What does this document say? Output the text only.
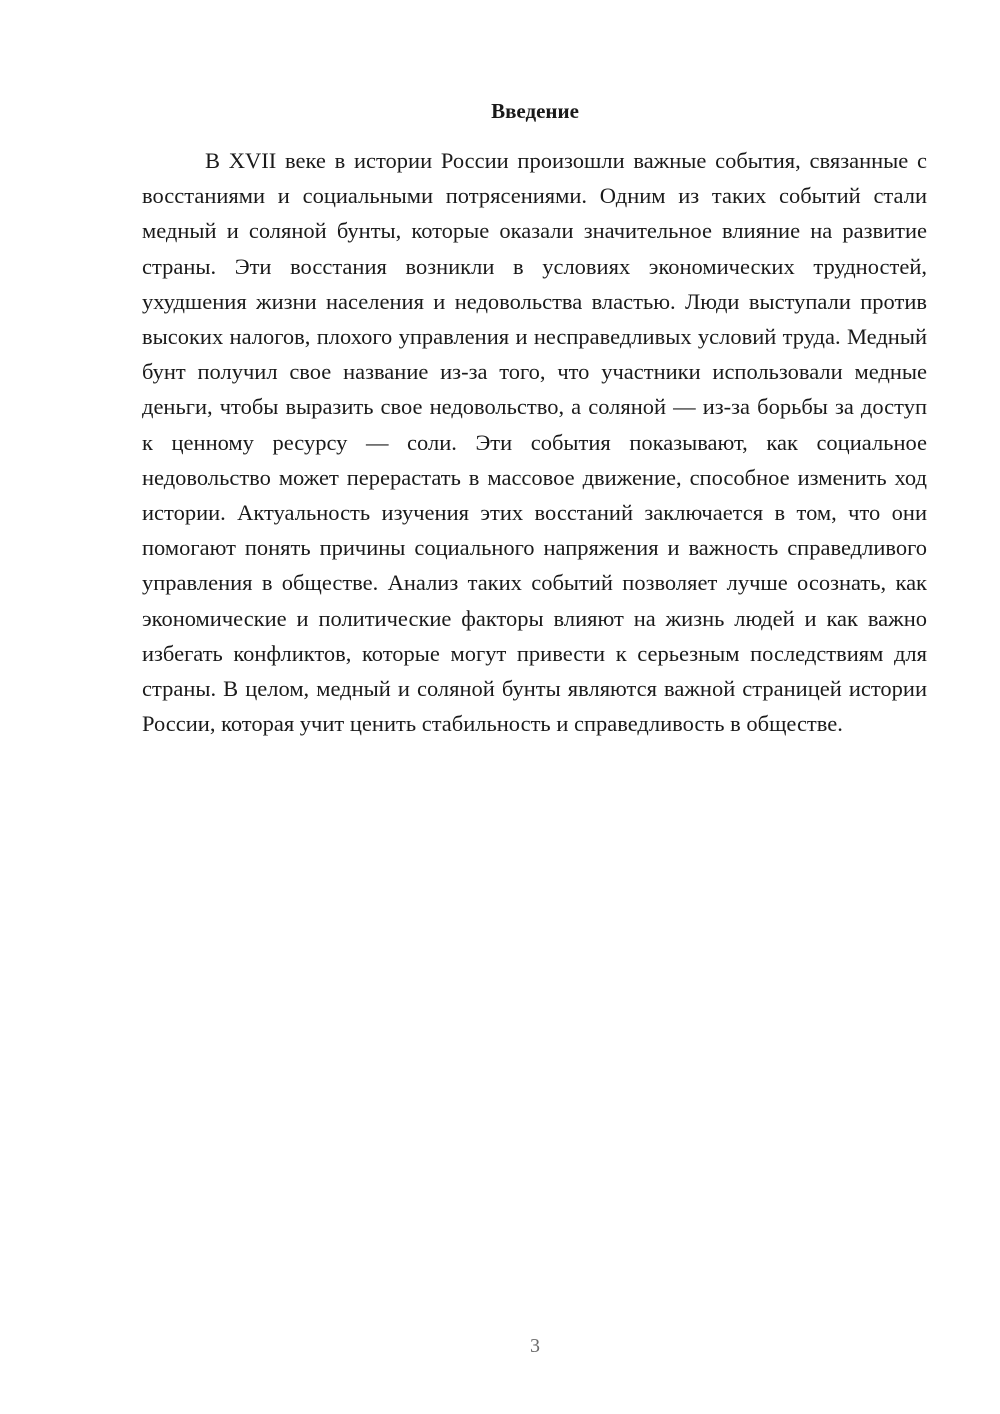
Введение

В XVII веке в истории России произошли важные события, связанные с восстаниями и социальными потрясениями. Одним из таких событий стали медный и соляной бунты, которые оказали значительное влияние на развитие страны. Эти восстания возникли в условиях экономических трудностей, ухудшения жизни населения и недовольства властью. Люди выступали против высоких налогов, плохого управления и несправедливых условий труда. Медный бунт получил свое название из-за того, что участники использовали медные деньги, чтобы выразить свое недовольство, а соляной — из-за борьбы за доступ к ценному ресурсу — соли. Эти события показывают, как социальное недовольство может перерастать в массовое движение, способное изменить ход истории. Актуальность изучения этих восстаний заключается в том, что они помогают понять причины социального напряжения и важность справедливого управления в обществе. Анализ таких событий позволяет лучше осознать, как экономические и политические факторы влияют на жизнь людей и как важно избегать конфликтов, которые могут привести к серьезным последствиям для страны. В целом, медный и соляной бунты являются важной страницей истории России, которая учит ценить стабильность и справедливость в обществе.

3
